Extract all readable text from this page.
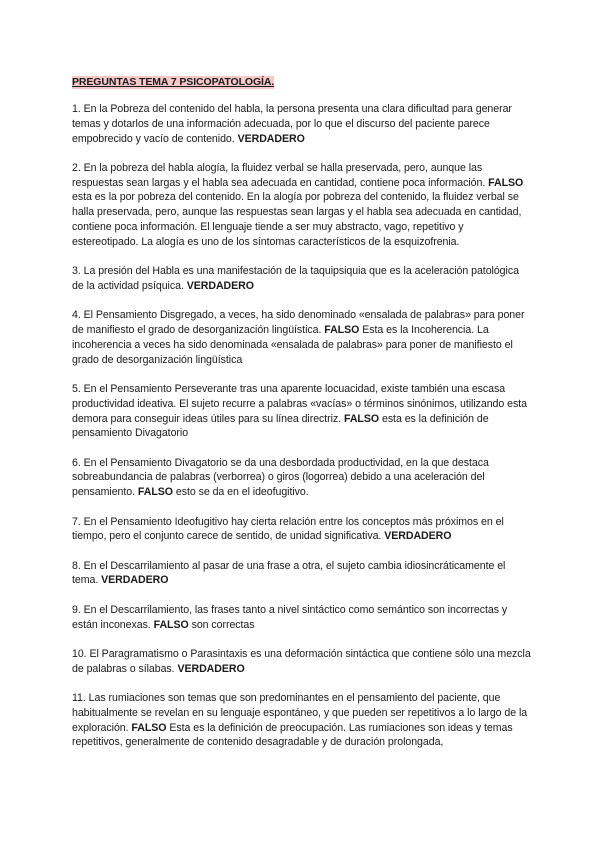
PREGUNTAS TEMA 7 PSICOPATOLOGÍA.

1. En la Pobreza del contenido del habla, la persona presenta una clara dificultad para generar temas y dotarlos de una información adecuada, por lo que el discurso del paciente parece empobrecido y vacío de contenido. VERDADERO

2. En la pobreza del habla alogía, la fluidez verbal se halla preservada, pero, aunque las respuestas sean largas y el habla sea adecuada en cantidad, contiene poca información. FALSO esta es la por pobreza del contenido. En la alogía por pobreza del contenido, la fluidez verbal se halla preservada, pero, aunque las respuestas sean largas y el habla sea adecuada en cantidad, contiene poca información. El lenguaje tiende a ser muy abstracto, vago, repetitivo y estereotipado. La alogía es uno de los síntomas característicos de la esquizofrenia.

3. La presión del Habla es una manifestación de la taquipsiquia que es la aceleración patológica de la actividad psíquica. VERDADERO

4. El Pensamiento Disgregado, a veces, ha sido denominado «ensalada de palabras» para poner de manifiesto el grado de desorganización lingüística. FALSO Esta es la Incoherencia. La incoherencia a veces ha sido denominada «ensalada de palabras» para poner de manifiesto el grado de desorganización lingüística

5. En el Pensamiento Perseverante tras una aparente locuacidad, existe también una escasa productividad ideativa. El sujeto recurre a palabras «vacías» o términos sinónimos, utilizando esta demora para conseguir ideas útiles para su línea directriz. FALSO esta es la definición de pensamiento Divagatorio

6. En el Pensamiento Divagatorio se da una desbordada productividad, en la que destaca sobreabundancia de palabras (verborrea) o giros (logorrea) debido a una aceleración del pensamiento. FALSO esto se da en el ideofugitivo.

7. En el Pensamiento Ideofugitivo hay cierta relación entre los conceptos más próximos en el tiempo, pero el conjunto carece de sentido, de unidad significativa. VERDADERO

8. En el Descarrilamiento al pasar de una frase a otra, el sujeto cambia idiosincráticamente el tema. VERDADERO

9. En el Descarrilamiento, las frases tanto a nivel sintáctico como semántico son incorrectas y están inconexas. FALSO son correctas

10. El Paragramatismo o Parasintaxis es una deformación sintáctica que contiene sólo una mezcla de palabras o sílabas. VERDADERO

11. Las rumiaciones son temas que son predominantes en el pensamiento del paciente, que habitualmente se revelan en su lenguaje espontáneo, y que pueden ser repetitivos a lo largo de la exploración. FALSO Esta es la definición de preocupación. Las rumiaciones son ideas y temas repetitivos, generalmente de contenido desagradable y de duración prolongada,
